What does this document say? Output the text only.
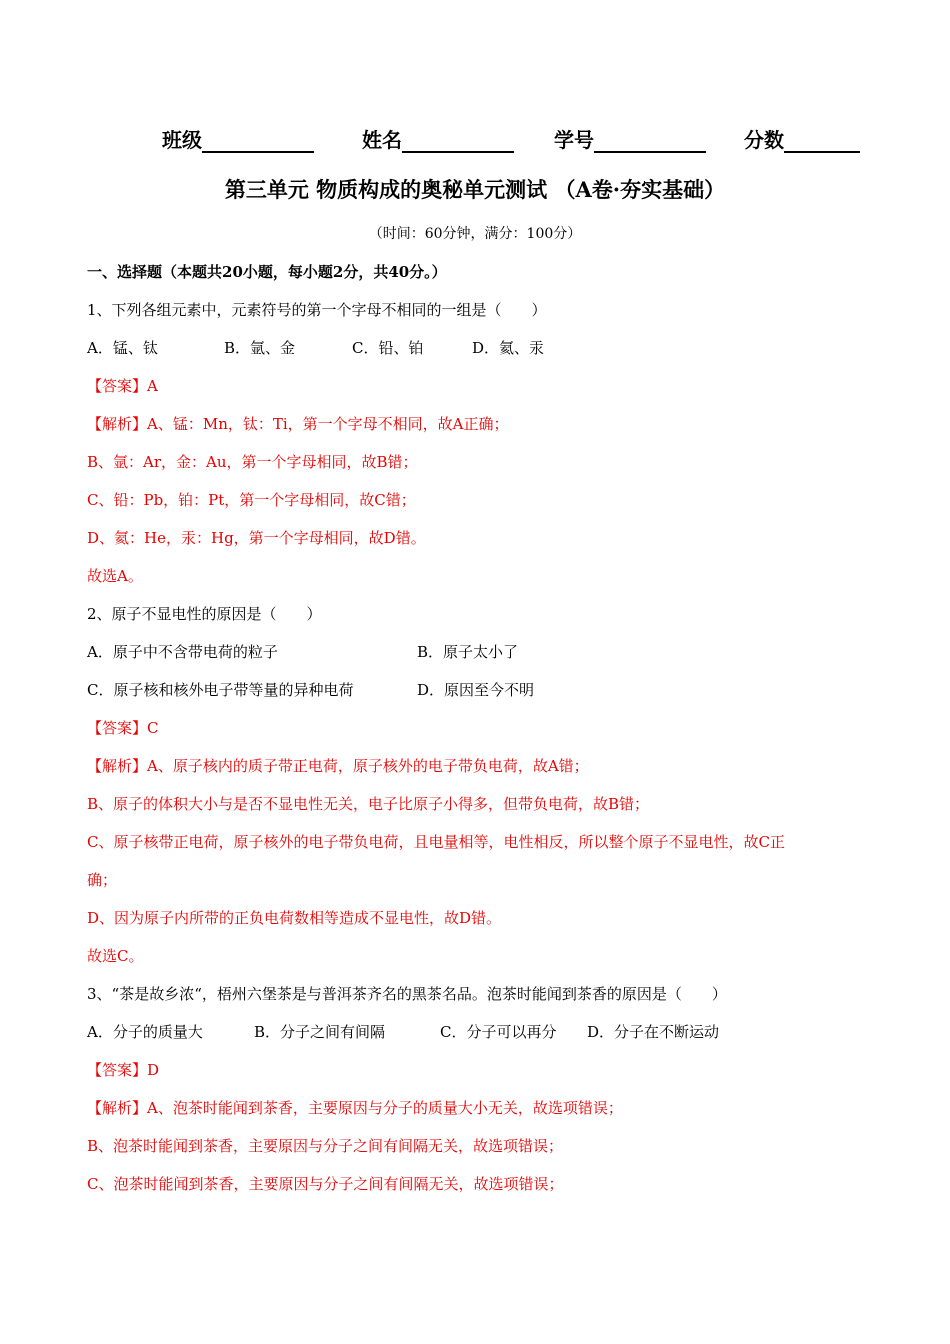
班级	姓名	学号	分数
第三单元 物质构成的奥秘单元测试 （A卷·夯实基础）
（时间：60分钟，满分：100分）
一、选择题（本题共20小题，每小题2分，共40分。）
1、下列各组元素中，元素符号的第一个字母不相同的一组是（　　）
A．锰、钛	B．氩、金	C．铅、铂	D．氦、汞
【答案】A
【解析】A、锰：Mn，钛：Ti，第一个字母不相同，故A正确；
B、氩：Ar，金：Au，第一个字母相同，故B错；
C、铅：Pb，铂：Pt，第一个字母相同，故C错；
D、氦：He，汞：Hg，第一个字母相同，故D错。
故选A。
2、原子不显电性的原因是（　　）
A．原子中不含带电荷的粒子	B．原子太小了
C．原子核和核外电子带等量的异种电荷	D．原因至今不明
【答案】C
【解析】A、原子核内的质子带正电荷，原子核外的电子带负电荷，故A错；
B、原子的体积大小与是否不显电性无关，电子比原子小得多，但带负电荷，故B错；
C、原子核带正电荷，原子核外的电子带负电荷，且电量相等，电性相反，所以整个原子不显电性，故C正
确；
D、因为原子内所带的正负电荷数相等造成不显电性，故D错。
故选C。
3、“茶是故乡浓“，梧州六堡茶是与普洱茶齐名的黑茶名品。泡茶时能闻到茶香的原因是（　　）
A．分子的质量大	B．分子之间有间隔	C．分子可以再分 D．分子在不断运动
【答案】D
【解析】A、泡茶时能闻到茶香，主要原因与分子的质量大小无关，故选项错误；
B、泡茶时能闻到茶香，主要原因与分子之间有间隔无关，故选项错误；
C、泡茶时能闻到茶香，主要原因与分子之间有间隔无关，故选项错误；
